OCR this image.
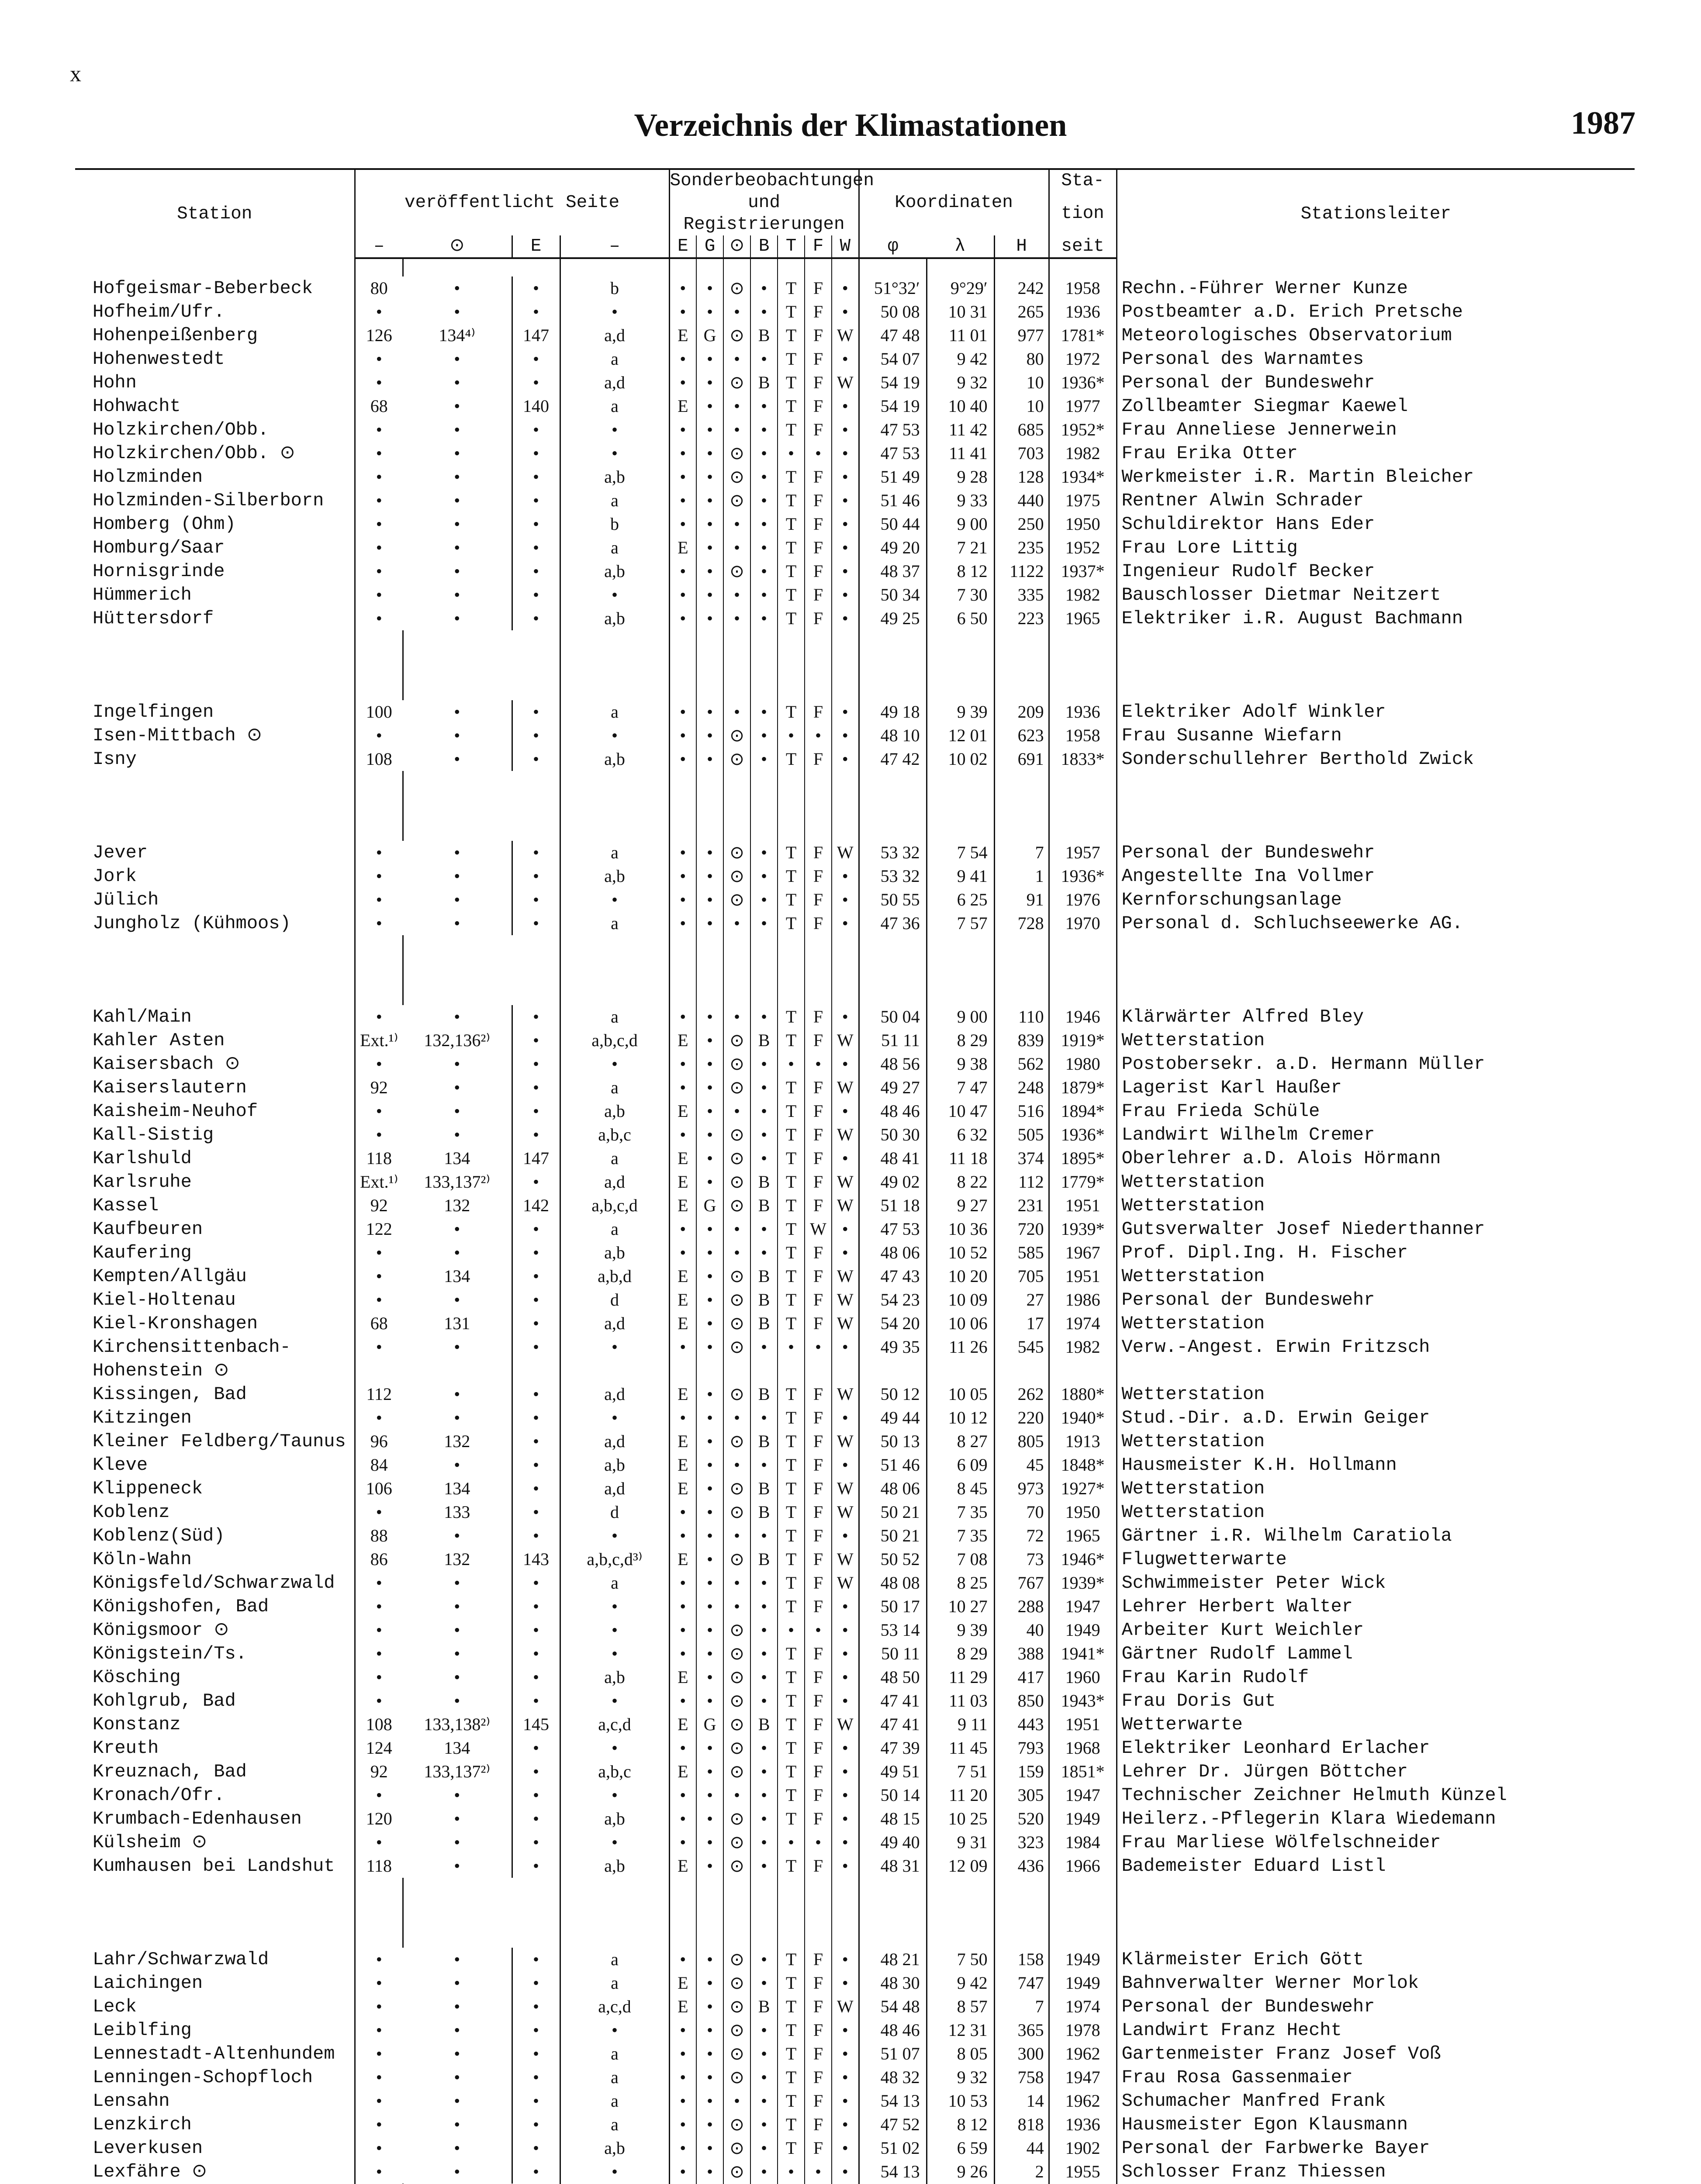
x
Verzeichnis der Klimastationen	1987
Station	veröffentlicht Seite				Sonderbeobachtungen							Koordinaten			Sta-	Stationsleiter
					und Registrierungen										tion	
	–	⊙	E	–	E	G	⊙	B	T	F	W	φ	λ	H	seit	

Hofgeismar-Beberbeck	80	•	•	b	•	•	⊙	•	T	F	•	51°32′	9°29′	242	1958	Rechn.-Führer Werner Kunze
Hofheim/Ufr.	•	•	•	•	•	•	•	•	T	F	•	50 08	10 31	265	1936	Postbeamter a.D. Erich Pretsche
Hohenpeißenberg	126	134⁴⁾	147	a,d	E	G	⊙	B	T	F	W	47 48	11 01	977	1781*	Meteorologisches Observatorium
Hohenwestedt	•	•	•	a	•	•	•	•	T	F	•	54 07	9 42	80	1972	Personal des Warnamtes
Hohn	•	•	•	a,d	•	•	⊙	B	T	F	W	54 19	9 32	10	1936*	Personal der Bundeswehr
Hohwacht	68	•	140	a	E	•	•	•	T	F	•	54 19	10 40	10	1977	Zollbeamter Siegmar Kaewel
Holzkirchen/Obb.	•	•	•	•	•	•	•	•	T	F	•	47 53	11 42	685	1952*	Frau Anneliese Jennerwein
Holzkirchen/Obb. ⊙	•	•	•	•	•	•	⊙	•	•	•	•	47 53	11 41	703	1982	Frau Erika Otter
Holzminden	•	•	•	a,b	•	•	⊙	•	T	F	•	51 49	9 28	128	1934*	Werkmeister i.R. Martin Bleicher
Holzminden-Silberborn	•	•	•	a	•	•	⊙	•	T	F	•	51 46	9 33	440	1975	Rentner Alwin Schrader
Homberg (Ohm)	•	•	•	b	•	•	•	•	T	F	•	50 44	9 00	250	1950	Schuldirektor Hans Eder
Homburg/Saar	•	•	•	a	E	•	•	•	T	F	•	49 20	7 21	235	1952	Frau Lore Littig
Hornisgrinde	•	•	•	a,b	•	•	⊙	•	T	F	•	48 37	8 12	1122	1937*	Ingenieur Rudolf Becker
Hümmerich	•	•	•	•	•	•	•	•	T	F	•	50 34	7 30	335	1982	Bauschlosser Dietmar Neitzert
Hüttersdorf	•	•	•	a,b	•	•	•	•	T	F	•	49 25	6 50	223	1965	Elektriker i.R. August Bachmann

Ingelfingen	100	•	•	a	•	•	•	•	T	F	•	49 18	9 39	209	1936	Elektriker Adolf Winkler
Isen-Mittbach ⊙	•	•	•	•	•	•	⊙	•	•	•	•	48 10	12 01	623	1958	Frau Susanne Wiefarn
Isny	108	•	•	a,b	•	•	⊙	•	T	F	•	47 42	10 02	691	1833*	Sonderschullehrer Berthold Zwick

Jever	•	•	•	a	•	•	⊙	•	T	F	W	53 32	7 54	7	1957	Personal der Bundeswehr
Jork	•	•	•	a,b	•	•	⊙	•	T	F	•	53 32	9 41	1	1936*	Angestellte Ina Vollmer
Jülich	•	•	•	•	•	•	⊙	•	T	F	•	50 55	6 25	91	1976	Kernforschungsanlage
Jungholz (Kühmoos)	•	•	•	a	•	•	•	•	T	F	•	47 36	7 57	728	1970	Personal d. Schluchseewerke AG.

Kahl/Main	•	•	•	a	•	•	•	•	T	F	•	50 04	9 00	110	1946	Klärwärter Alfred Bley
Kahler Asten	Ext.¹⁾	132,136²⁾	•	a,b,c,d	E	•	⊙	B	T	F	W	51 11	8 29	839	1919*	Wetterstation
Kaisersbach ⊙	•	•	•	•	•	•	⊙	•	•	•	•	48 56	9 38	562	1980	Postobersekr. a.D. Hermann Müller
Kaiserslautern	92	•	•	a	•	•	⊙	•	T	F	W	49 27	7 47	248	1879*	Lagerist Karl Haußer
Kaisheim-Neuhof	•	•	•	a,b	E	•	•	•	T	F	•	48 46	10 47	516	1894*	Frau Frieda Schüle
Kall-Sistig	•	•	•	a,b,c	•	•	⊙	•	T	F	W	50 30	6 32	505	1936*	Landwirt Wilhelm Cremer
Karlshuld	118	134	147	a	E	•	⊙	•	T	F	•	48 41	11 18	374	1895*	Oberlehrer a.D. Alois Hörmann
Karlsruhe	Ext.¹⁾	133,137²⁾	•	a,d	E	•	⊙	B	T	F	W	49 02	8 22	112	1779*	Wetterstation
Kassel	92	132	142	a,b,c,d	E	G	⊙	B	T	F	W	51 18	9 27	231	1951	Wetterstation
Kaufbeuren	122	•	•	a	•	•	•	•	T	W	•	47 53	10 36	720	1939*	Gutsverwalter Josef Niederthanner
Kaufering	•	•	•	a,b	•	•	•	•	T	F	•	48 06	10 52	585	1967	Prof. Dipl.Ing. H. Fischer
Kempten/Allgäu	•	134	•	a,b,d	E	•	⊙	B	T	F	W	47 43	10 20	705	1951	Wetterstation
Kiel-Holtenau	•	•	•	d	E	•	⊙	B	T	F	W	54 23	10 09	27	1986	Personal der Bundeswehr
Kiel-Kronshagen	68	131	•	a,d	E	•	⊙	B	T	F	W	54 20	10 06	17	1974	Wetterstation
Kirchensittenbach-	•	•	•	•	•	•	⊙	•	•	•	•	49 35	11 26	545	1982	Verw.-Angest. Erwin Fritzsch
Hohenstein ⊙																
Kissingen, Bad	112	•	•	a,d	E	•	⊙	B	T	F	W	50 12	10 05	262	1880*	Wetterstation
Kitzingen	•	•	•	•	•	•	•	•	T	F	•	49 44	10 12	220	1940*	Stud.-Dir. a.D. Erwin Geiger
Kleiner Feldberg/Taunus	96	132	•	a,d	E	•	⊙	B	T	F	W	50 13	8 27	805	1913	Wetterstation
Kleve	84	•	•	a,b	E	•	•	•	T	F	•	51 46	6 09	45	1848*	Hausmeister K.H. Hollmann
Klippeneck	106	134	•	a,d	E	•	⊙	B	T	F	W	48 06	8 45	973	1927*	Wetterstation
Koblenz	•	133	•	d	•	•	⊙	B	T	F	W	50 21	7 35	70	1950	Wetterstation
Koblenz(Süd)	88	•	•	•	•	•	•	•	T	F	•	50 21	7 35	72	1965	Gärtner i.R. Wilhelm Caratiola
Köln-Wahn	86	132	143	a,b,c,d³⁾	E	•	⊙	B	T	F	W	50 52	7 08	73	1946*	Flugwetterwarte
Königsfeld/Schwarzwald	•	•	•	a	•	•	•	•	T	F	W	48 08	8 25	767	1939*	Schwimmeister Peter Wick
Königshofen, Bad	•	•	•	•	•	•	•	•	T	F	•	50 17	10 27	288	1947	Lehrer Herbert Walter
Königsmoor ⊙	•	•	•	•	•	•	⊙	•	•	•	•	53 14	9 39	40	1949	Arbeiter Kurt Weichler
Königstein/Ts.	•	•	•	•	•	•	⊙	•	T	F	•	50 11	8 29	388	1941*	Gärtner Rudolf Lammel
Kösching	•	•	•	a,b	E	•	⊙	•	T	F	•	48 50	11 29	417	1960	Frau Karin Rudolf
Kohlgrub, Bad	•	•	•	•	•	•	⊙	•	T	F	•	47 41	11 03	850	1943*	Frau Doris Gut
Konstanz	108	133,138²⁾	145	a,c,d	E	G	⊙	B	T	F	W	47 41	9 11	443	1951	Wetterwarte
Kreuth	124	134	•	•	•	•	⊙	•	T	F	•	47 39	11 45	793	1968	Elektriker Leonhard Erlacher
Kreuznach, Bad	92	133,137²⁾	•	a,b,c	E	•	⊙	•	T	F	•	49 51	7 51	159	1851*	Lehrer Dr. Jürgen Böttcher
Kronach/Ofr.	•	•	•	•	•	•	•	•	T	F	•	50 14	11 20	305	1947	Technischer Zeichner Helmuth Künzel
Krumbach-Edenhausen	120	•	•	a,b	•	•	⊙	•	T	F	•	48 15	10 25	520	1949	Heilerz.-Pflegerin Klara Wiedemann
Külsheim ⊙	•	•	•	•	•	•	⊙	•	•	•	•	49 40	9 31	323	1984	Frau Marliese Wölfelschneider
Kumhausen bei Landshut	118	•	•	a,b	E	•	⊙	•	T	F	•	48 31	12 09	436	1966	Bademeister Eduard Listl

Lahr/Schwarzwald	•	•	•	a	•	•	⊙	•	T	F	•	48 21	7 50	158	1949	Klärmeister Erich Gött
Laichingen	•	•	•	a	E	•	⊙	•	T	F	•	48 30	9 42	747	1949	Bahnverwalter Werner Morlok
Leck	•	•	•	a,c,d	E	•	⊙	B	T	F	W	54 48	8 57	7	1974	Personal der Bundeswehr
Leiblfing	•	•	•	•	•	•	⊙	•	T	F	•	48 46	12 31	365	1978	Landwirt Franz Hecht
Lennestadt-Altenhundem	•	•	•	a	•	•	⊙	•	T	F	•	51 07	8 05	300	1962	Gartenmeister Franz Josef Voß
Lenningen-Schopfloch	•	•	•	a	•	•	⊙	•	T	F	•	48 32	9 32	758	1947	Frau Rosa Gassenmaier
Lensahn	•	•	•	a	•	•	•	•	T	F	•	54 13	10 53	14	1962	Schumacher Manfred Frank
Lenzkirch	•	•	•	a	•	•	⊙	•	T	F	•	47 52	8 12	818	1936	Hausmeister Egon Klausmann
Leverkusen	•	•	•	a,b	•	•	⊙	•	T	F	•	51 02	6 59	44	1902	Personal der Farbwerke Bayer
Lexfähre ⊙	•	•	•	•	•	•	⊙	•	•	•	•	54 13	9 26	2	1955	Schlosser Franz Thiessen
